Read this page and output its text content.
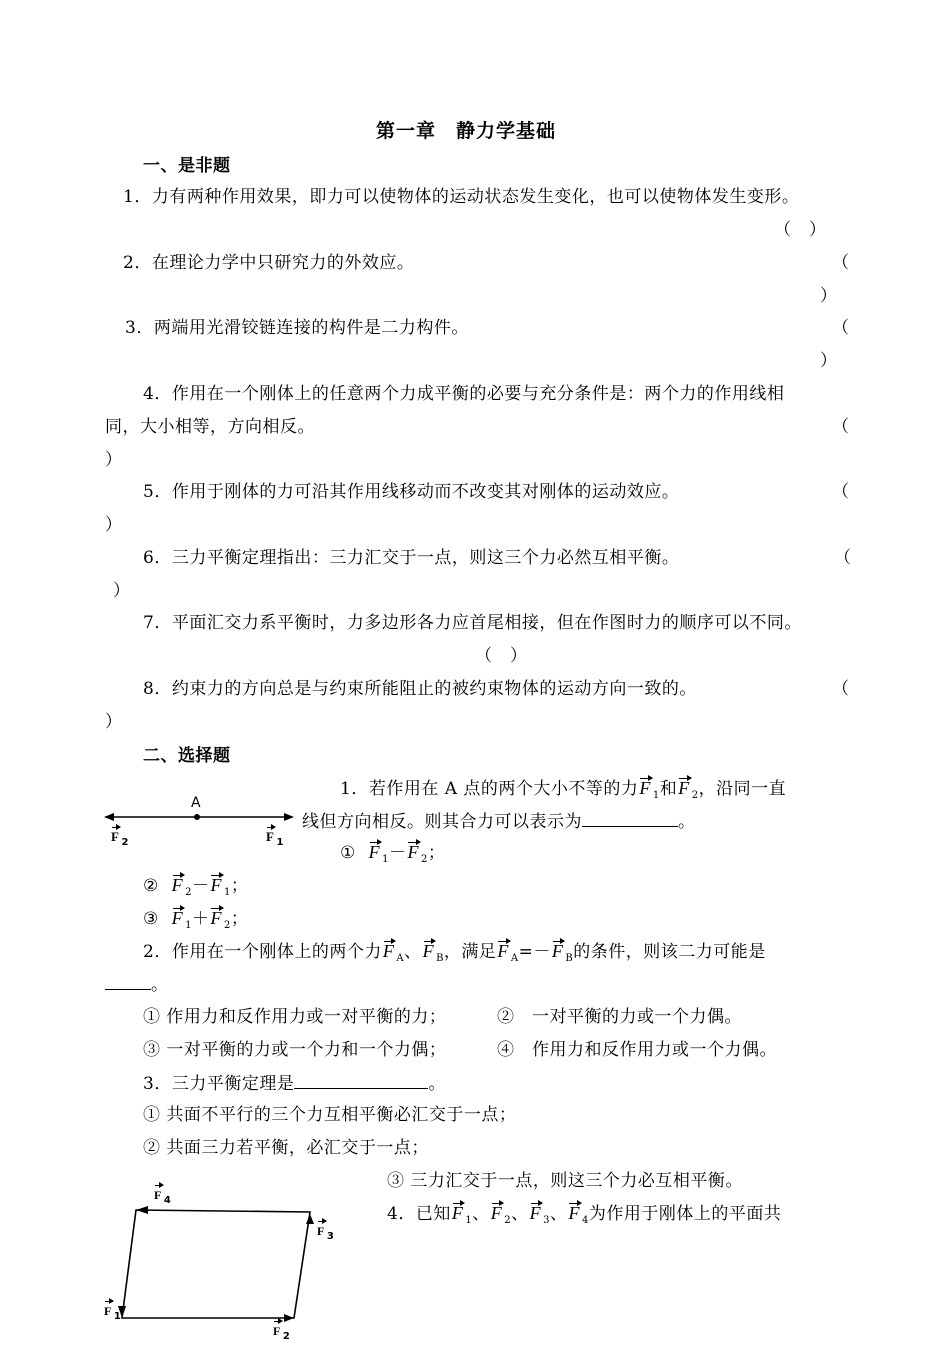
第一章　静力学基础
一、是非题
1．力有两种作用效果，即力可以使物体的运动状态发生变化，也可以使物体发生变形。
（　）
2．在理论力学中只研究力的外效应。	（
）
3．两端用光滑铰链连接的构件是二力构件。	（
）
4．作用在一个刚体上的任意两个力成平衡的必要与充分条件是：两个力的作用线相
同，大小相等，方向相反。	（
）
5．作用于刚体的力可沿其作用线移动而不改变其对刚体的运动效应。	（
）
6．三力平衡定理指出：三力汇交于一点，则这三个力必然互相平衡。	（
）
7．平面汇交力系平衡时，力多边形各力应首尾相接，但在作图时力的顺序可以不同。
（　）
8．约束力的方向总是与约束所能阻止的被约束物体的运动方向一致的。	（
）
二、选择题
A
F $_2$	F $_1$
1．若作用在 A 点的两个大小不等的力F $_1$和F $_2$，沿同一直
线但方向相反。则其合力可以表示为	。
① F $_1$－F $_2$；
② F $_2$－F $_1$；
③ F $_1$＋F $_2$；
2．作用在一个刚体上的两个力F $_A$、F $_B$，满足F $_A$=－F $_B$的条件，则该二力可能是
。
① 作用力和反作用力或一对平衡的力；	②　一对平衡的力或一个力偶。
③ 一对平衡的力或一个力和一个力偶；	④　作用力和反作用力或一个力偶。
3．三力平衡定理是	。
① 共面不平行的三个力互相平衡必汇交于一点；
② 共面三力若平衡，必汇交于一点；
③ 三力汇交于一点，则这三个力必互相平衡。
4．已知F $_1$、F $_2$、F $_3$、F $_4$为作用于刚体上的平面共
F $_4$
F $_3$
F $_1$
F $_2$
